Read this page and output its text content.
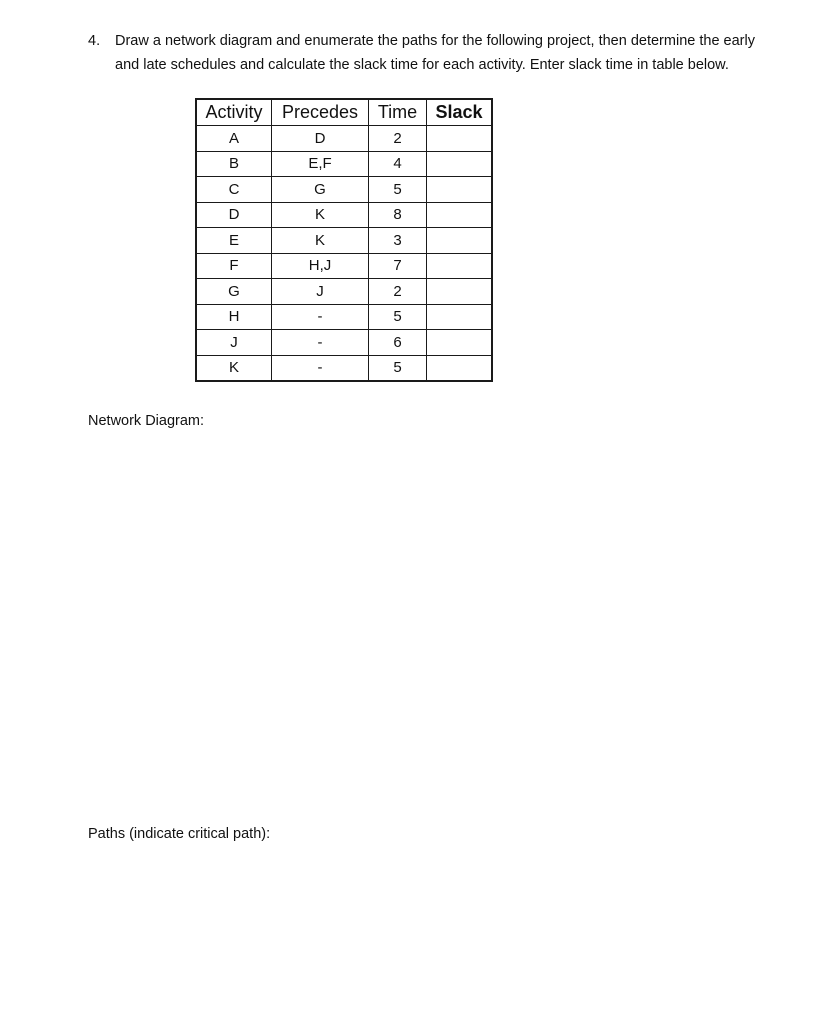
4.	Draw a network diagram and enumerate the paths for the following project, then determine the early and late schedules and calculate the slack time for each activity. Enter slack time in table below.
Activity	Precedes	Time	Slack
A	D	2	
B	E,F	4	
C	G	5	
D	K	8	
E	K	3	
F	H,J	7	
G	J	2	
H	-	5	
J	-	6	
K	-	5	
Network Diagram:
Paths (indicate critical path):
